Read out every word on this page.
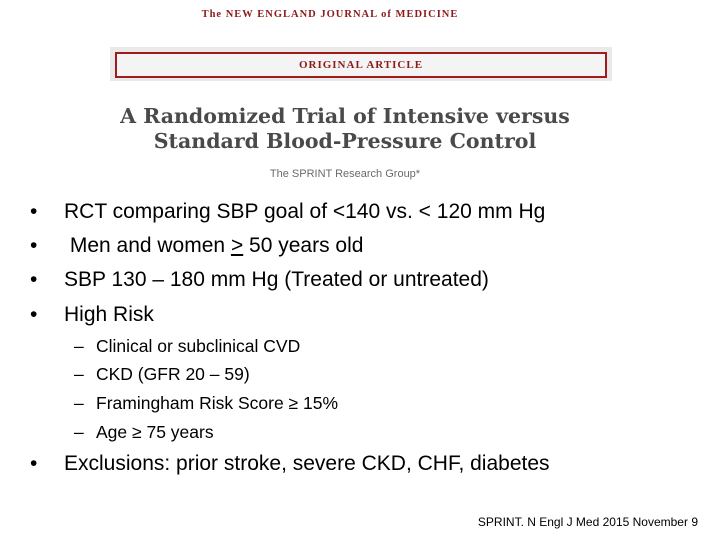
The NEW ENGLAND JOURNAL of MEDICINE
ORIGINAL ARTICLE
A Randomized Trial of Intensive versus
Standard Blood-Pressure Control
The SPRINT Research Group*
• RCT comparing SBP goal of <140 vs. < 120 mm Hg
• Men and women ≥ 50 years old
• SBP 130 – 180 mm Hg (Treated or untreated)
• High Risk
– Clinical or subclinical CVD
– CKD (GFR 20 – 59)
– Framingham Risk Score ≥ 15%
– Age ≥ 75 years
• Exclusions: prior stroke, severe CKD, CHF, diabetes
SPRINT. N Engl J Med 2015 November 9
